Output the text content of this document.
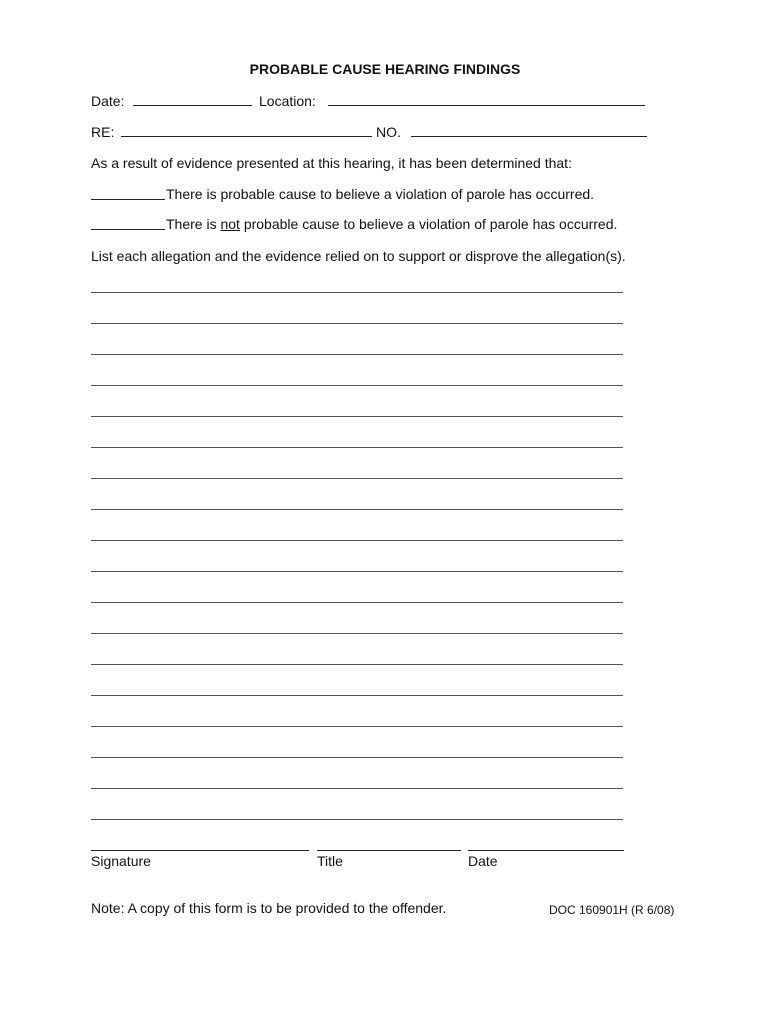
PROBABLE CAUSE HEARING FINDINGS
Date:	Location:
RE:	NO.
As a result of evidence presented at this hearing, it has been determined that:
There is probable cause to believe a violation of parole has occurred.
There is not probable cause to believe a violation of parole has occurred.
List each allegation and the evidence relied on to support or disprove the allegation(s).
Signature	Title	Date
Note: A copy of this form is to be provided to the offender.	DOC 160901H (R 6/08)
